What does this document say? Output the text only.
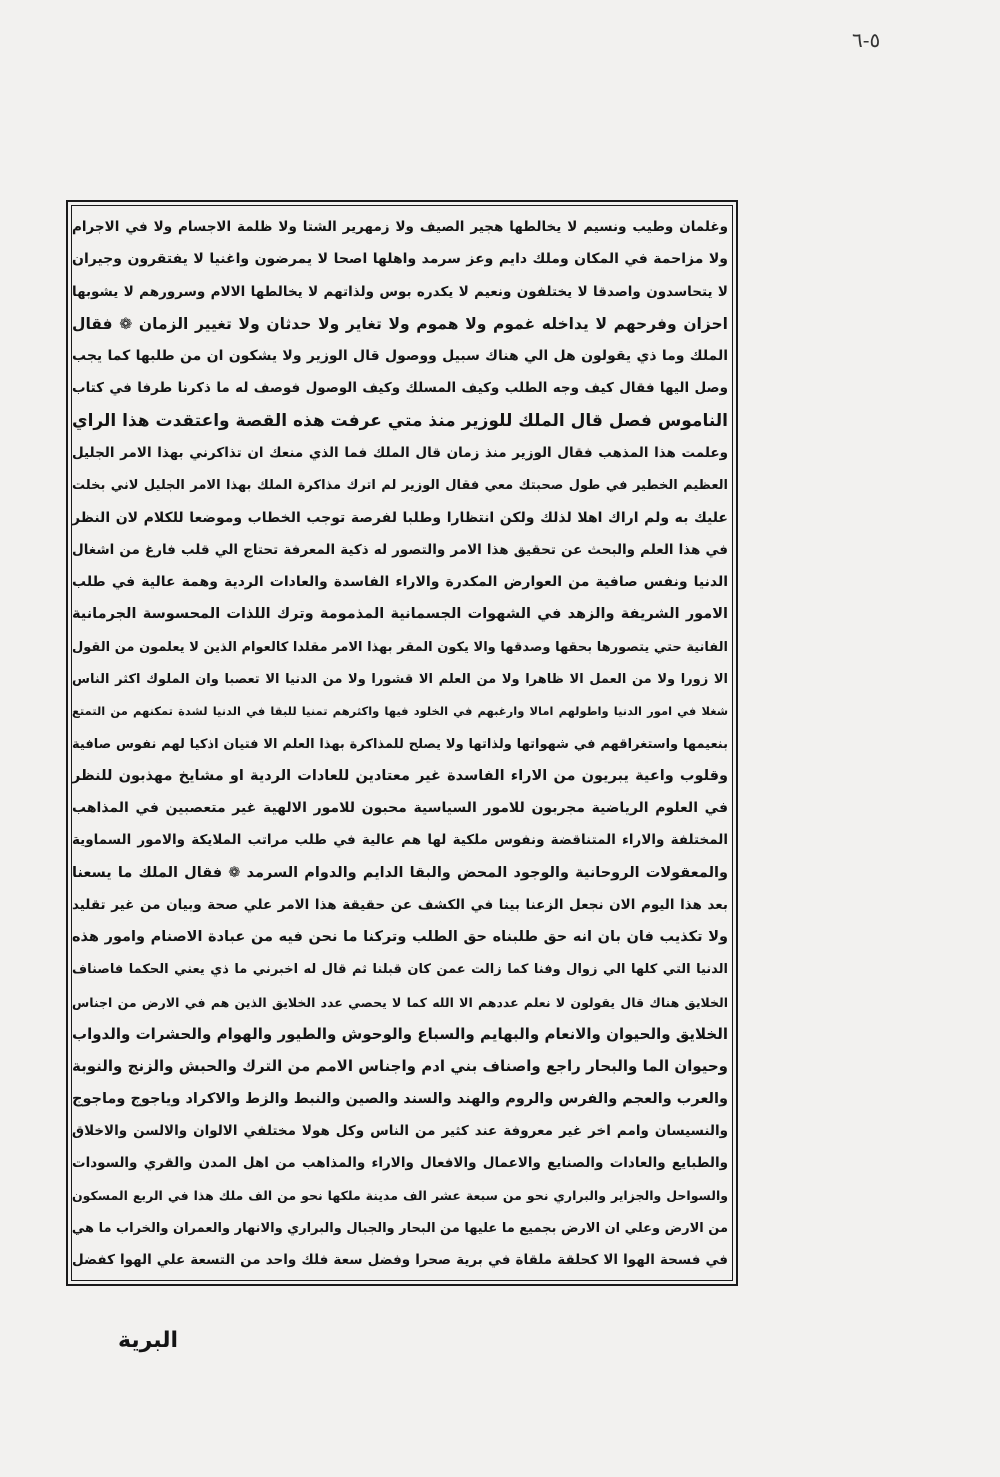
٥-٦
وغلمان وطيب ونسيم لا يخالطها هجير الصيف ولا زمهرير الشتا ولا ظلمة الاجسام ولا في الاجرام
ولا مزاحمة في المكان وملك دايم وعز سرمد واهلها اصحا لا يمرضون واغنيا لا يفتقرون وجيران
لا يتحاسدون واصدقا لا يختلفون ونعيم لا يكدره بوس ولذاتهم لا يخالطها الالام وسرورهم لا يشوبها
احزان وفرحهم لا يداخله غموم ولا هموم ولا تغاير ولا حدثان ولا تغيير الزمان ❁ فقال
الملك وما ذي يقولون هل الي هناك سبيل ووصول قال الوزير ولا يشكون ان من طلبها كما يجب
وصل اليها فقال كيف وجه الطلب وكيف المسلك وكيف الوصول فوصف له ما ذكرنا طرفا في كتاب
الناموس فصل قال الملك للوزير منذ متي عرفت هذه القصة واعتقدت هذا الراي
وعلمت هذا المذهب فقال الوزير منذ زمان قال الملك فما الذي منعك ان تذاكرني بهذا الامر الجليل
العظيم الخطير في طول صحبتك معي فقال الوزير لم اترك مذاكرة الملك بهذا الامر الجليل لاني بخلت
عليك به ولم اراك اهلا لذلك ولكن انتظارا وطلبا لفرصة توجب الخطاب وموضعا للكلام لان النظر
في هذا العلم والبحث عن تحقيق هذا الامر والتصور له ذكية المعرفة تحتاج الي قلب فارغ من اشغال
الدنيا ونفس صافية من العوارض المكدرة والاراء الفاسدة والعادات الردية وهمة عالية في طلب
الامور الشريفة والزهد في الشهوات الجسمانية المذمومة وترك اللذات المحسوسة الجرمانية
الفانية حتي يتصورها بحقها وصدقها والا يكون المقر بهذا الامر مقلدا كالعوام الذين لا يعلمون من القول
الا زورا ولا من العمل الا ظاهرا ولا من العلم الا قشورا ولا من الدنيا الا تعصبا وان الملوك اكثر الناس
شغلا في امور الدنيا واطولهم امالا وارغبهم في الخلود فيها واكثرهم تمنيا للبقا في الدنيا لشدة تمكنهم من التمتع
بنعيمها واستغراقهم في شهواتها ولذاتها ولا يصلح للمذاكرة بهذا العلم الا فتيان اذكيا لهم نفوس صافية
وقلوب واعية يبريون من الاراء الفاسدة غير معتادين للعادات الردية او مشايخ مهذبون للنظر
في العلوم الرياضية مجربون للامور السياسية محبون للامور الالهية غير متعصبين في المذاهب
المختلفة والاراء المتناقضة ونفوس ملكية لها هم عالية في طلب مراتب الملايكة والامور السماوية
والمعقولات الروحانية والوجود المحض والبقا الدايم والدوام السرمد ❁ فقال الملك ما يسعنا
بعد هذا اليوم الان نجعل الزعنا بينا في الكشف عن حقيقة هذا الامر علي صحة وبيان من غير تقليد
ولا تكذيب فان بان انه حق طلبناه حق الطلب وتركنا ما نحن فيه من عبادة الاصنام وامور هذه
الدنيا التي كلها الي زوال وفنا كما زالت عمن كان قبلنا ثم قال له اخبرني ما ذي يعني الحكما فاصناف
الخلايق هناك قال يقولون لا نعلم عددهم الا الله كما لا يحصي عدد الخلايق الذين هم في الارض من اجناس
الخلايق والحيوان والانعام والبهايم والسباع والوحوش والطيور والهوام والحشرات والدواب
وحيوان الما والبحار راجع واصناف بني ادم واجناس الامم من الترك والحبش والزنج والنوبة
والعرب والعجم والفرس والروم والهند والسند والصين والنبط والزط والاكراد وياجوج وماجوج
والنسيسان وامم اخر غير معروفة عند كثير من الناس وكل هولا مختلفي الالوان والالسن والاخلاق
والطبايع والعادات والصنايع والاعمال والافعال والاراء والمذاهب من اهل المدن والقري والسودات
والسواحل والجزاير والبراري نحو من سبعة عشر الف مدينة ملكها نحو من الف ملك هذا في الربع المسكون
من الارض وعلي ان الارض بجميع ما عليها من البحار والجبال والبراري والانهار والعمران والخراب ما هي
في فسحة الهوا الا كحلقة ملقاة في برية صحرا وفضل سعة فلك واحد من التسعة علي الهوا كفضل
البرية
